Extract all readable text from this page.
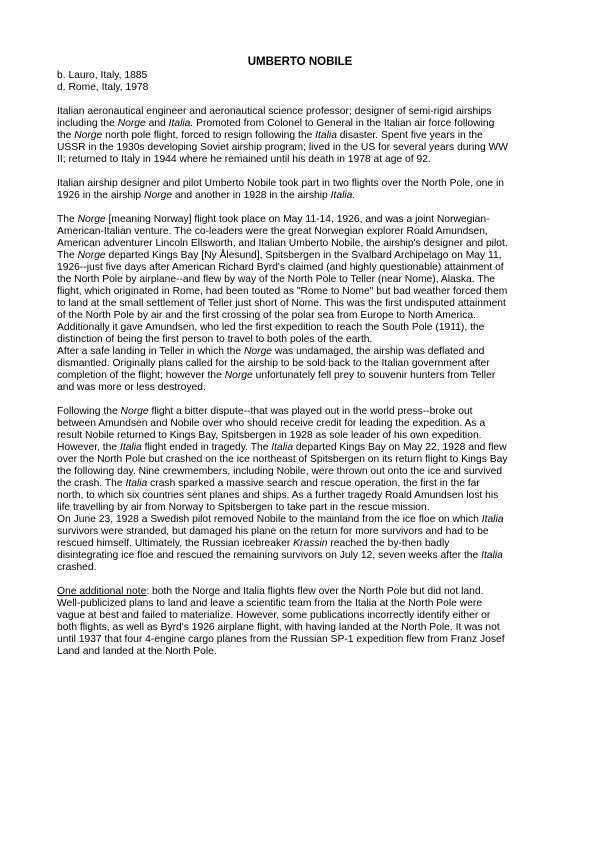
UMBERTO NOBILE
b. Lauro, Italy, 1885
d. Rome, Italy, 1978
Italian aeronautical engineer and aeronautical science professor; designer of semi-rigid airships
including the Norge and Italia. Promoted from Colonel to General in the Italian air force following
the Norge north pole flight, forced to resign following the Italia disaster. Spent five years in the
USSR in the 1930s developing Soviet airship program; lived in the US for several years during WW
II; returned to Italy in 1944 where he remained until his death in 1978 at age of 92.
Italian airship designer and pilot Umberto Nobile took part in two flights over the North Pole, one in
1926 in the airship Norge and another in 1928 in the airship Italia.
The Norge [meaning Norway] flight took place on May 11-14, 1926, and was a joint Norwegian-
American-Italian venture. The co-leaders were the great Norwegian explorer Roald Amundsen,
American adventurer Lincoln Ellsworth, and Italian Umberto Nobile, the airship's designer and pilot.
The Norge departed Kings Bay [Ny Ålesund], Spitsbergen in the Svalbard Archipelago on May 11,
1926--just five days after American Richard Byrd's claimed (and highly questionable) attainment of
the North Pole by airplane--and flew by way of the North Pole to Teller (near Nome), Alaska. The
flight, which originated in Rome, had been touted as "Rome to Nome" but bad weather forced them
to land at the small settlement of Teller just short of Nome. This was the first undisputed attainment
of the North Pole by air and the first crossing of the polar sea from Europe to North America.
Additionally it gave Amundsen, who led the first expedition to reach the South Pole (1911), the
distinction of being the first person to travel to both poles of the earth.
After a safe landing in Teller in which the Norge was undamaged, the airship was deflated and
dismantled. Originally plans called for the airship to be sold back to the Italian government after
completion of the flight; however the Norge unfortunately fell prey to souvenir hunters from Teller
and was more or less destroyed.
Following the Norge flight a bitter dispute--that was played out in the world press--broke out
between Amundsen and Nobile over who should receive credit for leading the expedition. As a
result Nobile returned to Kings Bay, Spitsbergen in 1928 as sole leader of his own expedition.
However, the Italia flight ended in tragedy. The Italia departed Kings Bay on May 22, 1928 and flew
over the North Pole but crashed on the ice northeast of Spitsbergen on its return flight to Kings Bay
the following day. Nine crewmembers, including Nobile, were thrown out onto the ice and survived
the crash. The Italia crash sparked a massive search and rescue operation, the first in the far
north, to which six countries sent planes and ships. As a further tragedy Roald Amundsen lost his
life travelling by air from Norway to Spitsbergen to take part in the rescue mission.
On June 23, 1928 a Swedish pilot removed Nobile to the mainland from the ice floe on which Italia
survivors were stranded, but damaged his plane on the return for more survivors and had to be
rescued himself. Ultimately, the Russian icebreaker Krassin reached the by-then badly
disintegrating ice floe and rescued the remaining survivors on July 12, seven weeks after the Italia
crashed.
One additional note: both the Norge and Italia flights flew over the North Pole but did not land.
Well-publicized plans to land and leave a scientific team from the Italia at the North Pole were
vague at best and failed to materialize. However, some publications incorrectly identify either or
both flights, as well as Byrd's 1926 airplane flight, with having landed at the North Pole. It was not
until 1937 that four 4-engine cargo planes from the Russian SP-1 expedition flew from Franz Josef
Land and landed at the North Pole.
